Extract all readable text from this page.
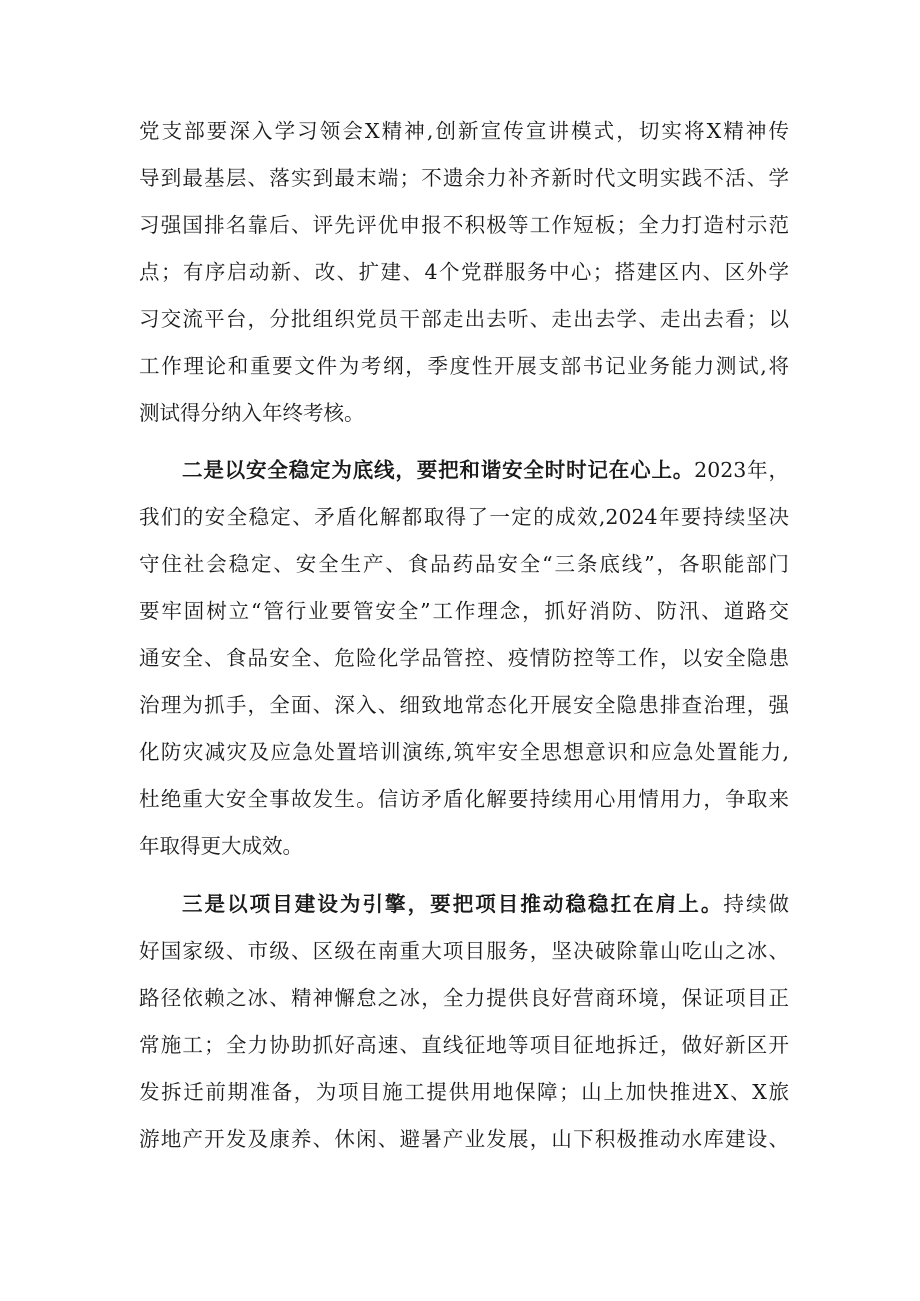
党支部要深入学习领会X精神,创新宣传宣讲模式，切实将X精神传
导到最基层、落实到最末端；不遗余力补齐新时代文明实践不活、学
习强国排名靠后、评先评优申报不积极等工作短板；全力打造村示范
点；有序启动新、改、扩建、4个党群服务中心；搭建区内、区外学
习交流平台，分批组织党员干部走出去听、走出去学、走出去看；以
工作理论和重要文件为考纲，季度性开展支部书记业务能力测试,将
测试得分纳入年终考核。
二是以安全稳定为底线，要把和谐安全时时记在心上。2023年，
我们的安全稳定、矛盾化解都取得了一定的成效,2024年要持续坚决
守住社会稳定、安全生产、食品药品安全“三条底线”，各职能部门
要牢固树立“管行业要管安全”工作理念，抓好消防、防汛、道路交
通安全、食品安全、危险化学品管控、疫情防控等工作，以安全隐患
治理为抓手，全面、深入、细致地常态化开展安全隐患排查治理，强
化防灾减灾及应急处置培训演练,筑牢安全思想意识和应急处置能力,
杜绝重大安全事故发生。信访矛盾化解要持续用心用情用力，争取来
年取得更大成效。
三是以项目建设为引擎，要把项目推动稳稳扛在肩上。持续做
好国家级、市级、区级在南重大项目服务，坚决破除靠山吃山之冰、
路径依赖之冰、精神懈怠之冰，全力提供良好营商环境，保证项目正
常施工；全力协助抓好高速、直线征地等项目征地拆迁，做好新区开
发拆迁前期准备，为项目施工提供用地保障；山上加快推进X、X旅
游地产开发及康养、休闲、避暑产业发展，山下积极推动水库建设、
